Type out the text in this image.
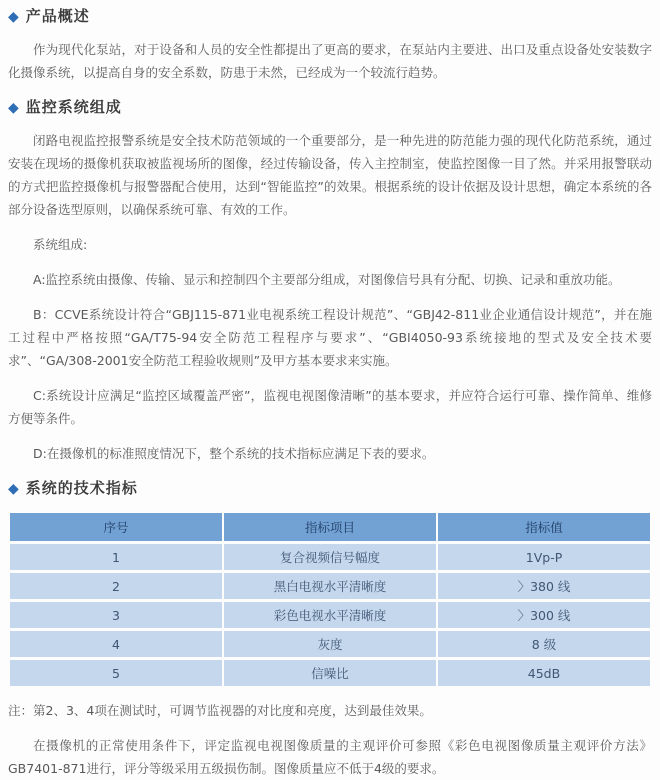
◆ 产品概述

作为现代化泵站，对于设备和人员的安全性都提出了更高的要求，在泵站内主要进、出口及重点设备处安装数字化摄像系统，以提高自身的安全系数，防患于未然，已经成为一个较流行趋势。

◆ 监控系统组成

闭路电视监控报警系统是安全技术防范领域的一个重要部分，是一种先进的防范能力强的现代化防范系统，通过安装在现场的摄像机获取被监视场所的图像，经过传输设备，传入主控制室，使监控图像一目了然。并采用报警联动的方式把监控摄像机与报警器配合使用，达到“智能监控”的效果。根据系统的设计依据及设计思想，确定本系统的各部分设备选型原则，以确保系统可靠、有效的工作。

系统组成:

A:监控系统由摄像、传输、显示和控制四个主要部分组成，对图像信号具有分配、切换、记录和重放功能。

B：CCVE系统设计符合“GBJ115-871业电视系统工程设计规范”、“GBJ42-811业企业通信设计规范”，并在施工过程中严格按照“GA/T75-94安全防范工程程序与要求”、“GBI4050-93系统接地的型式及安全技术要求”、“GA/308-2001安全防范工程验收规则”及甲方基本要求来实施。

C:系统设计应满足“监控区域覆盖严密”，监视电视图像清晰”的基本要求，并应符合运行可靠、操作简单、维修方便等条件。

D:在摄像机的标准照度情况下，整个系统的技术指标应满足下表的要求。

◆ 系统的技术指标
序号	指标项目	指标值
1	复合视频信号幅度	1Vp-P
2	黑白电视水平清晰度	〉380 线
3	彩色电视水平清晰度	〉300 线
4	灰度	8 级
5	信噪比	45dB

注：第2、3、4项在测试时，可调节监视器的对比度和亮度，达到最佳效果。

在摄像机的正常使用条件下，评定监视电视图像质量的主观评价可参照《彩色电视图像质量主观评价方法》GB7401-871进行，评分等级采用五级损伤制。图像质量应不低于4级的要求。
